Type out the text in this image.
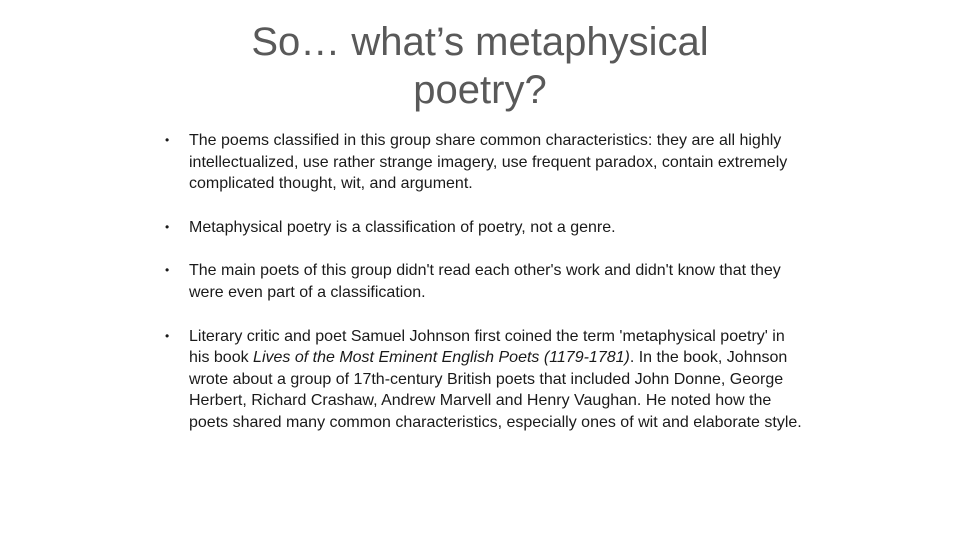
So… what’s metaphysical
poetry?
• The poems classified in this group share common characteristics: they are all highly intellectualized, use rather strange imagery, use frequent paradox, contain extremely complicated thought, wit, and argument.
• Metaphysical poetry is a classification of poetry, not a genre.
• The main poets of this group didn't read each other's work and didn't know that they were even part of a classification.
• Literary critic and poet Samuel Johnson first coined the term 'metaphysical poetry' in his book Lives of the Most Eminent English Poets (1179-1781). In the book, Johnson wrote about a group of 17th-century British poets that included John Donne, George Herbert, Richard Crashaw, Andrew Marvell and Henry Vaughan. He noted how the poets shared many common characteristics, especially ones of wit and elaborate style.
